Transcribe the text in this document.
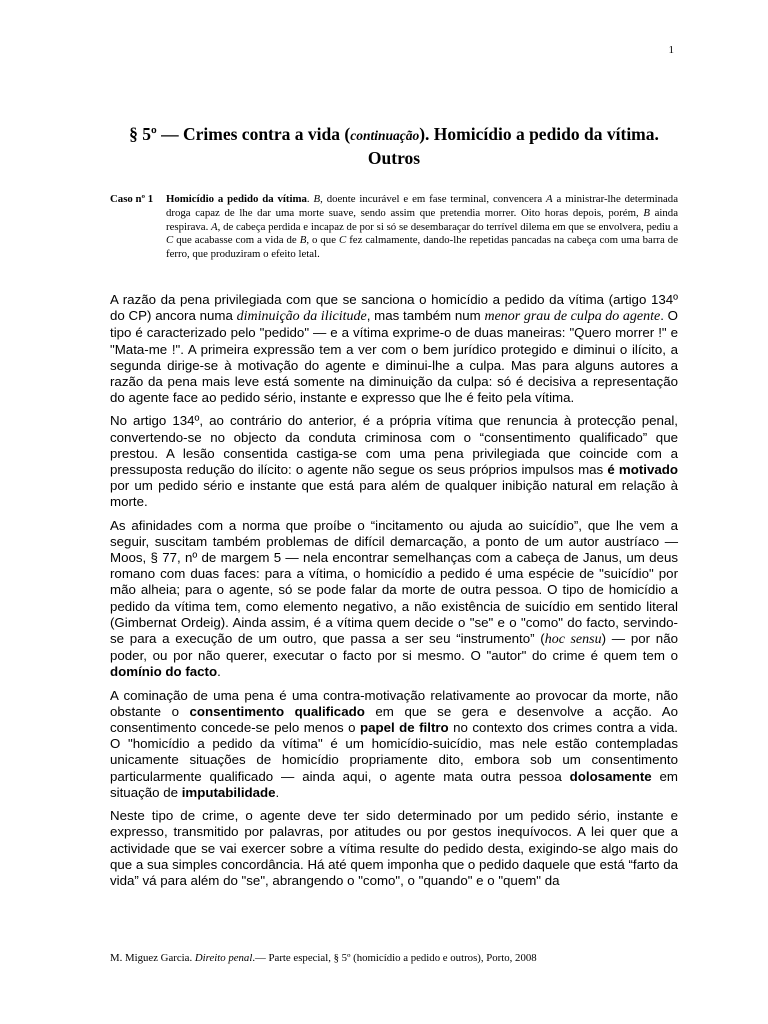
1
§ 5º — Crimes contra a vida (continuação). Homicídio a pedido da vítima. Outros
Caso nº 1 Homicídio a pedido da vítima. B, doente incurável e em fase terminal, convencera A a ministrar-lhe determinada droga capaz de lhe dar uma morte suave, sendo assim que pretendia morrer. Oito horas depois, porém, B ainda respirava. A, de cabeça perdida e incapaz de por si só se desembaraçar do terrível dilema em que se envolvera, pediu a C que acabasse com a vida de B, o que C fez calmamente, dando-lhe repetidas pancadas na cabeça com uma barra de ferro, que produziram o efeito letal.

A razão da pena privilegiada com que se sanciona o homicídio a pedido da vítima (artigo 134º do CP) ancora numa diminuição da ilicitude, mas também num menor grau de culpa do agente. O tipo é caracterizado pelo "pedido" — e a vítima exprime-o de duas maneiras: "Quero morrer !" e "Mata-me !". A primeira expressão tem a ver com o bem jurídico protegido e diminui o ilícito, a segunda dirige-se à motivação do agente e diminui-lhe a culpa. Mas para alguns autores a razão da pena mais leve está somente na diminuição da culpa: só é decisiva a representação do agente face ao pedido sério, instante e expresso que lhe é feito pela vítima.

No artigo 134º, ao contrário do anterior, é a própria vítima que renuncia à protecção penal, convertendo-se no objecto da conduta criminosa com o “consentimento qualificado” que prestou. A lesão consentida castiga-se com uma pena privilegiada que coincide com a pressuposta redução do ilícito: o agente não segue os seus próprios impulsos mas é motivado por um pedido sério e instante que está para além de qualquer inibição natural em relação à morte.

As afinidades com a norma que proíbe o “incitamento ou ajuda ao suicídio”, que lhe vem a seguir, suscitam também problemas de difícil demarcação, a ponto de um autor austríaco — Moos, § 77, nº de margem 5 — nela encontrar semelhanças com a cabeça de Janus, um deus romano com duas faces: para a vítima, o homicídio a pedido é uma espécie de "suicídio" por mão alheia; para o agente, só se pode falar da morte de outra pessoa. O tipo de homicídio a pedido da vítima tem, como elemento negativo, a não existência de suicídio em sentido literal (Gimbernat Ordeig). Ainda assim, é a vítima quem decide o "se" e o "como" do facto, servindo-se para a execução de um outro, que passa a ser seu “instrumento” (hoc sensu) — por não poder, ou por não querer, executar o facto por si mesmo. O "autor" do crime é quem tem o domínio do facto.

A cominação de uma pena é uma contra-motivação relativamente ao provocar da morte, não obstante o consentimento qualificado em que se gera e desenvolve a acção. Ao consentimento concede-se pelo menos o papel de filtro no contexto dos crimes contra a vida. O "homicídio a pedido da vítima" é um homicídio-suicídio, mas nele estão contempladas unicamente situações de homicídio propriamente dito, embora sob um consentimento particularmente qualificado — ainda aqui, o agente mata outra pessoa dolosamente em situação de imputabilidade.

Neste tipo de crime, o agente deve ter sido determinado por um pedido sério, instante e expresso, transmitido por palavras, por atitudes ou por gestos inequívocos. A lei quer que a actividade que se vai exercer sobre a vítima resulte do pedido desta, exigindo-se algo mais do que a sua simples concordância. Há até quem imponha que o pedido daquele que está “farto da vida” vá para além do "se", abrangendo o "como", o "quando" e o "quem" da

M. Miguez Garcia. Direito penal.— Parte especial, § 5º (homicídio a pedido e outros), Porto, 2008
